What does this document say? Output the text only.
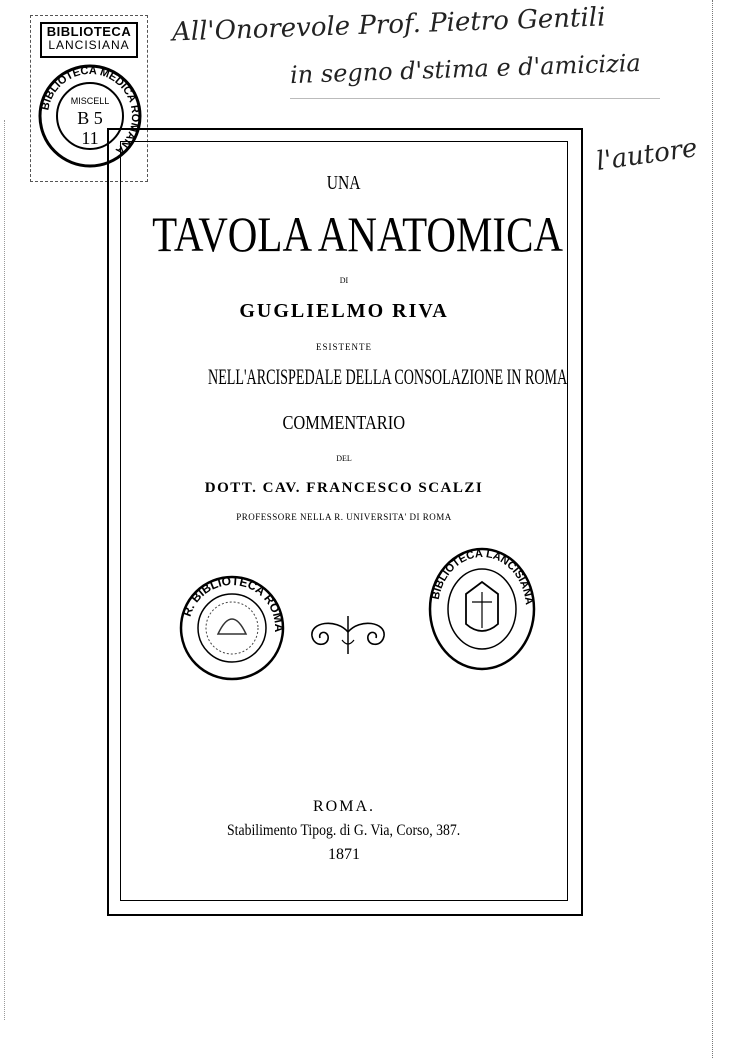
All'Onorevole Prof. Pietro Gentili
in segno d'stima e d'amicizia
l'autore
BIBLIOTECA
LANCISIANA
BIBLIOTECA MEDICA ROMANA
MISCELL
B 5
11
UNA
TAVOLA ANATOMICA
DI
GUGLIELMO RIVA
ESISTENTE
NELL'ARCISPEDALE DELLA CONSOLAZIONE IN ROMA
COMMENTARIO
DEL
DOTT. CAV. FRANCESCO SCALZI
PROFESSORE NELLA R. UNIVERSITA' DI ROMA
R. BIBLIOTECA ROMA
BIBLIOTECA LANCISIANA
ROMA.
Stabilimento Tipog. di G. Via, Corso, 387.
1871
